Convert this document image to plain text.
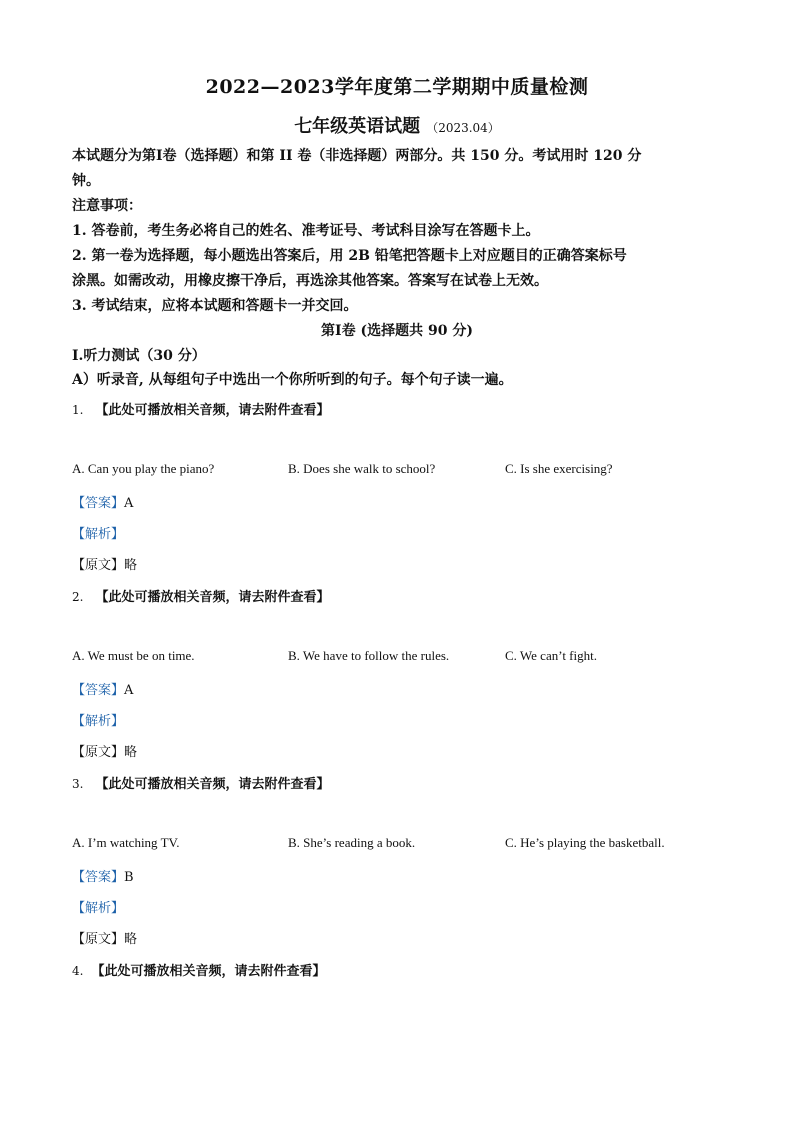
2022—2023学年度第二学期期中质量检测
七年级英语试题 （2023.04）
本试题分为第Ⅰ卷（选择题）和第 II 卷（非选择题）两部分。共 150 分。考试用时 120 分
钟。
注意事项：
1. 答卷前，考生务必将自己的姓名、准考证号、考试科目涂写在答题卡上。
2. 第一卷为选择题，每小题选出答案后，用 2B 铅笔把答题卡上对应题目的正确答案标号
涂黑。如需改动，用橡皮擦干净后，再选涂其他答案。答案写在试卷上无效。
3. 考试结束，应将本试题和答题卡一并交回。
第Ⅰ卷 (选择题共 90 分)
Ⅰ.听力测试（30 分）
A）听录音, 从每组句子中选出一个你所听到的句子。每个句子读一遍。
1. 【此处可播放相关音频，请去附件查看】
A. Can you play the piano?	B. Does she walk to school?	C. Is she exercising?
【答案】A
【解析】
【原文】略
2. 【此处可播放相关音频，请去附件查看】
A. We must be on time.	B. We have to follow the rules.	C. We can’t fight.
【答案】A
【解析】
【原文】略
3. 【此处可播放相关音频，请去附件查看】
A. I’m watching TV.	B. She’s reading a book.	C. He’s playing the basketball.
【答案】B
【解析】
【原文】略
4. 【此处可播放相关音频，请去附件查看】
